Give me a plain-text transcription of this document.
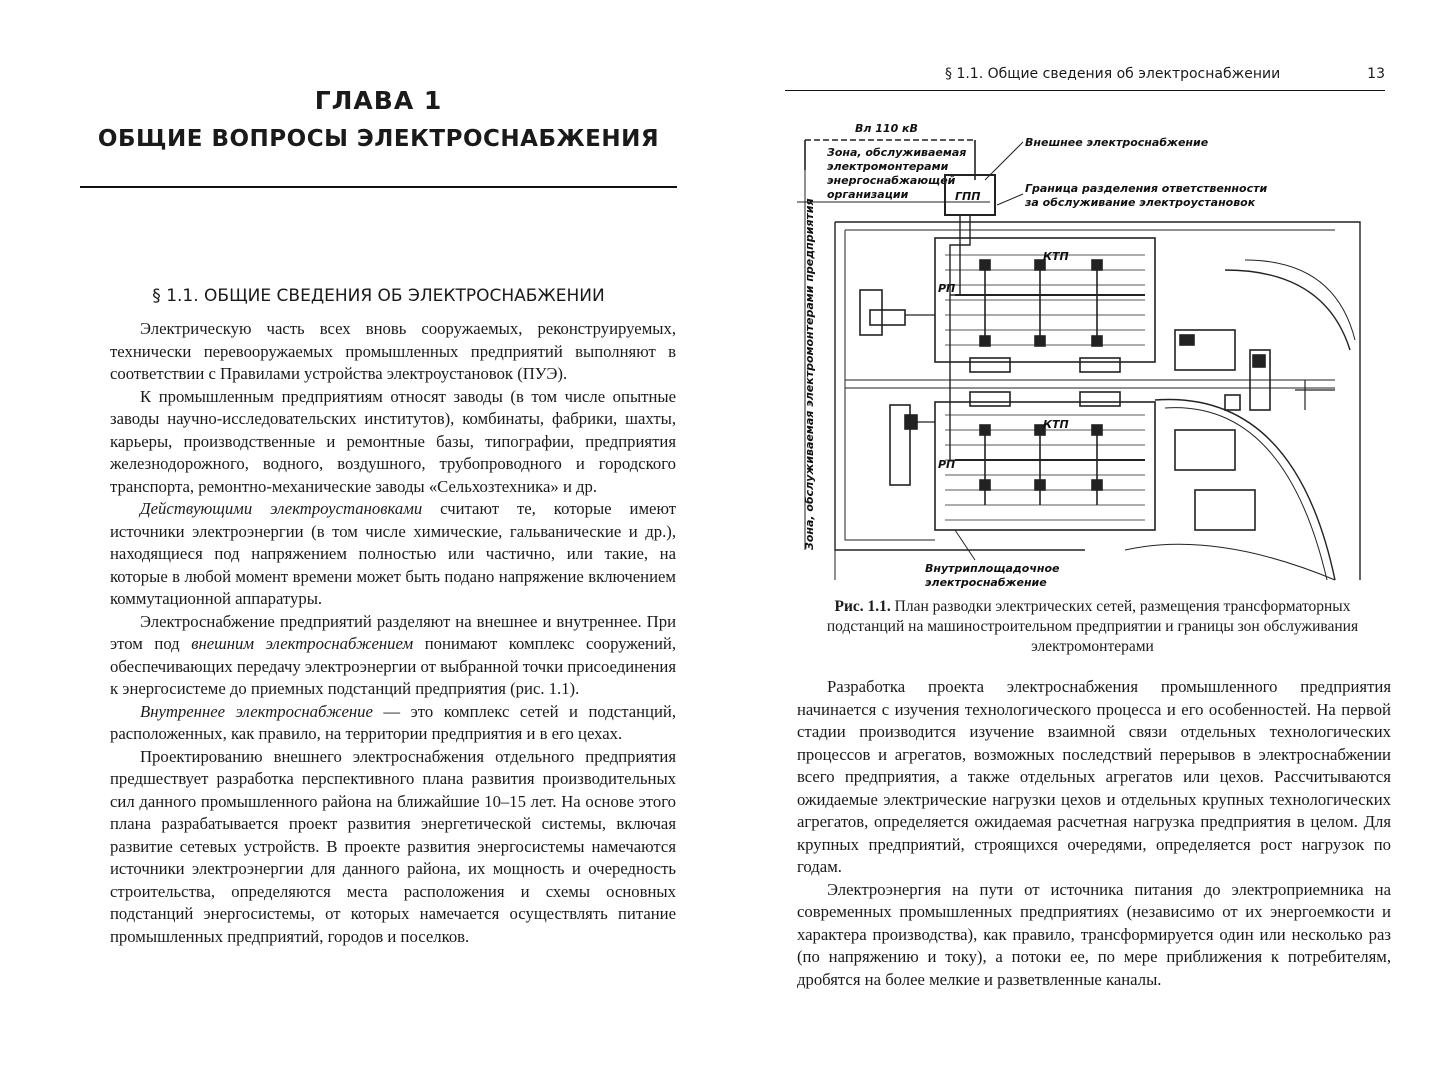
ГЛАВА 1
ОБЩИЕ ВОПРОСЫ ЭЛЕКТРОСНАБЖЕНИЯ
§ 1.1. ОБЩИЕ СВЕДЕНИЯ ОБ ЭЛЕКТРОСНАБЖЕНИИ

Электрическую часть всех вновь сооружаемых, реконструируемых, технически перевооружаемых промышленных предприятий выполняют в соответствии с Правилами устройства электроустановок (ПУЭ).

К промышленным предприятиям относят заводы (в том числе опытные заводы научно-исследовательских институтов), комбинаты, фабрики, шахты, карьеры, производственные и ремонтные базы, типографии, предприятия железнодорожного, водного, воздушного, трубопроводного и городского транспорта, ремонтно-механические заводы «Сельхозтехника» и др.

Действующими электроустановками считают те, которые имеют источники электроэнергии (в том числе химические, гальванические и др.), находящиеся под напряжением полностью или частично, или такие, на которые в любой момент времени может быть подано напряжение включением коммутационной аппаратуры.

Электроснабжение предприятий разделяют на внешнее и внутреннее. При этом под внешним электроснабжением понимают комплекс сооружений, обеспечивающих передачу электроэнергии от выбранной точки присоединения к энергосистеме до приемных подстанций предприятия (рис. 1.1).

Внутреннее электроснабжение — это комплекс сетей и подстанций, расположенных, как правило, на территории предприятия и в его цехах.

Проектированию внешнего электроснабжения отдельного предприятия предшествует разработка перспективного плана развития производительных сил данного промышленного района на ближайшие 10–15 лет. На основе этого плана разрабатывается проект развития энергетической системы, включая развитие сетевых устройств. В проекте развития энергосистемы намечаются источники электроэнергии для данного района, их мощность и очередность строительства, определяются места расположения и схемы основных подстанций энергосистемы, от которых намечается осуществлять питание промышленных предприятий, городов и поселков.

§ 1.1. Общие сведения об электроснабжении	13
Вл 110 кВ
Внешнее электроснабжение
Зона, обслуживаемая
электромонтерами
энергоснабжающей
организации	ГПП
Граница разделения ответственности
за обслуживание электроустановок
Зона, обслуживаемая электромонтерами предприятия	КТП
РП
КТП
РП
Внутриплощадочное
электроснабжение
Рис. 1.1. План разводки электрических сетей, размещения трансформаторных подстанций на машиностроительном предприятии и границы зон обслуживания электромонтерами

Разработка проекта электроснабжения промышленного предприятия начинается с изучения технологического процесса и его особенностей. На первой стадии производится изучение взаимной связи отдельных технологических процессов и агрегатов, возможных последствий перерывов в электроснабжении всего предприятия, а также отдельных агрегатов или цехов. Рассчитываются ожидаемые электрические нагрузки цехов и отдельных крупных технологических агрегатов, определяется ожидаемая расчетная нагрузка предприятия в целом. Для крупных предприятий, строящихся очередями, определяется рост нагрузок по годам.

Электроэнергия на пути от источника питания до электроприемника на современных промышленных предприятиях (независимо от их энергоемкости и характера производства), как правило, трансформируется один или несколько раз (по напряжению и току), а потоки ее, по мере приближения к потребителям, дробятся на более мелкие и разветвленные каналы.
